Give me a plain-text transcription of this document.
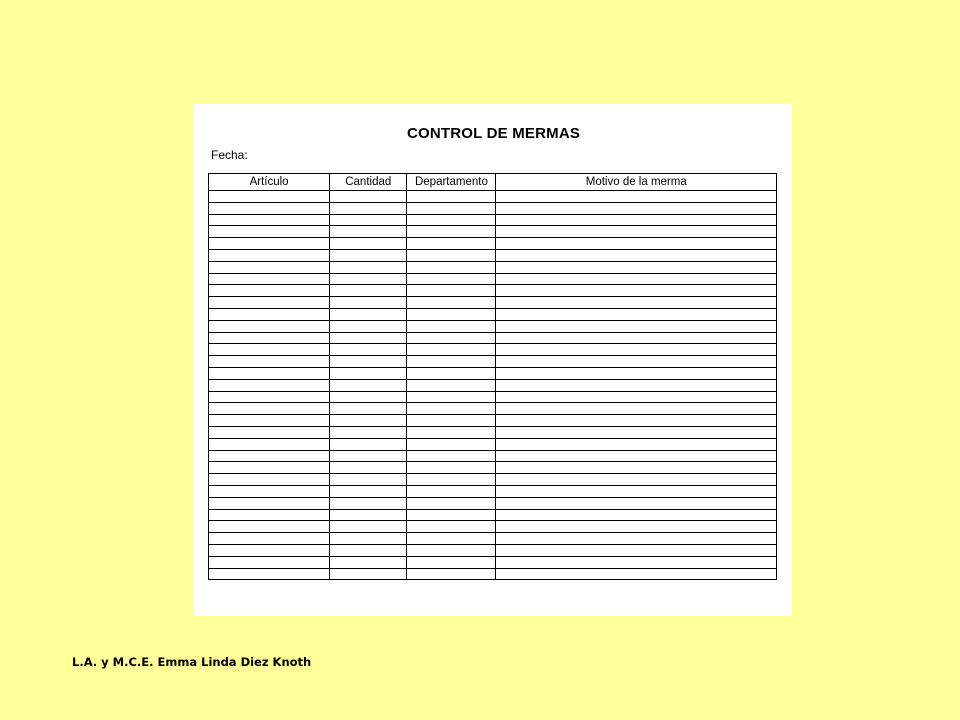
CONTROL DE MERMAS
Fecha:
Artículo	Cantidad	Departamento	Motivo de la merma

L.A. y M.C.E. Emma Linda Diez Knoth
